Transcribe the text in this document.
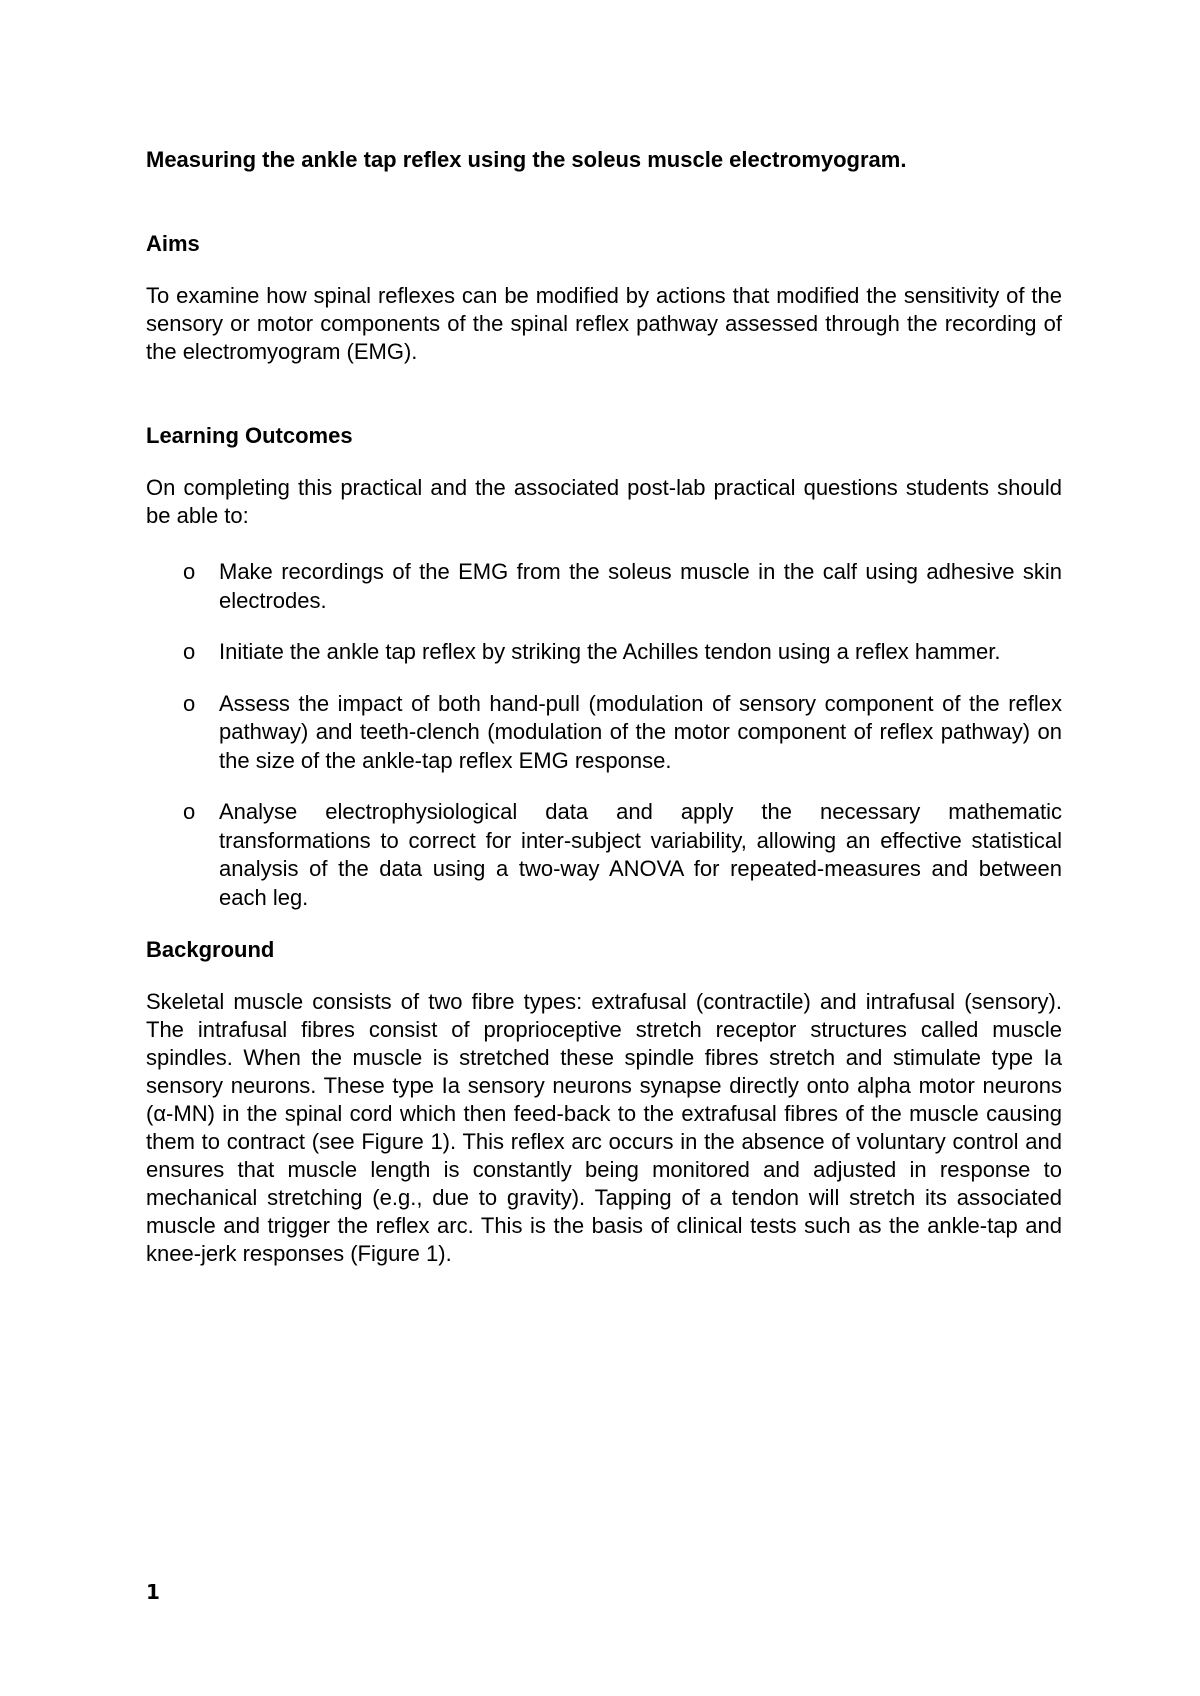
Measuring the ankle tap reflex using the soleus muscle electromyogram.
Aims

To examine how spinal reflexes can be modified by actions that modified the sensitivity of the sensory or motor components of the spinal reflex pathway assessed through the recording of the electromyogram (EMG).

Learning Outcomes

On completing this practical and the associated post-lab practical questions students should be able to:

o Make recordings of the EMG from the soleus muscle in the calf using adhesive skin electrodes.
o Initiate the ankle tap reflex by striking the Achilles tendon using a reflex hammer.
o Assess the impact of both hand-pull (modulation of sensory component of the reflex pathway) and teeth-clench (modulation of the motor component of reflex pathway) on the size of the ankle-tap reflex EMG response.
o Analyse electrophysiological data and apply the necessary mathematic transformations to correct for inter-subject variability, allowing an effective statistical analysis of the data using a two-way ANOVA for repeated-measures and between each leg.
Background

Skeletal muscle consists of two fibre types: extrafusal (contractile) and intrafusal (sensory). The intrafusal fibres consist of proprioceptive stretch receptor structures called muscle spindles. When the muscle is stretched these spindle fibres stretch and stimulate type Ia sensory neurons. These type Ia sensory neurons synapse directly onto alpha motor neurons (α-MN) in the spinal cord which then feed-back to the extrafusal fibres of the muscle causing them to contract (see Figure 1). This reflex arc occurs in the absence of voluntary control and ensures that muscle length is constantly being monitored and adjusted in response to mechanical stretching (e.g., due to gravity). Tapping of a tendon will stretch its associated muscle and trigger the reflex arc. This is the basis of clinical tests such as the ankle-tap and knee-jerk responses (Figure 1).

1
